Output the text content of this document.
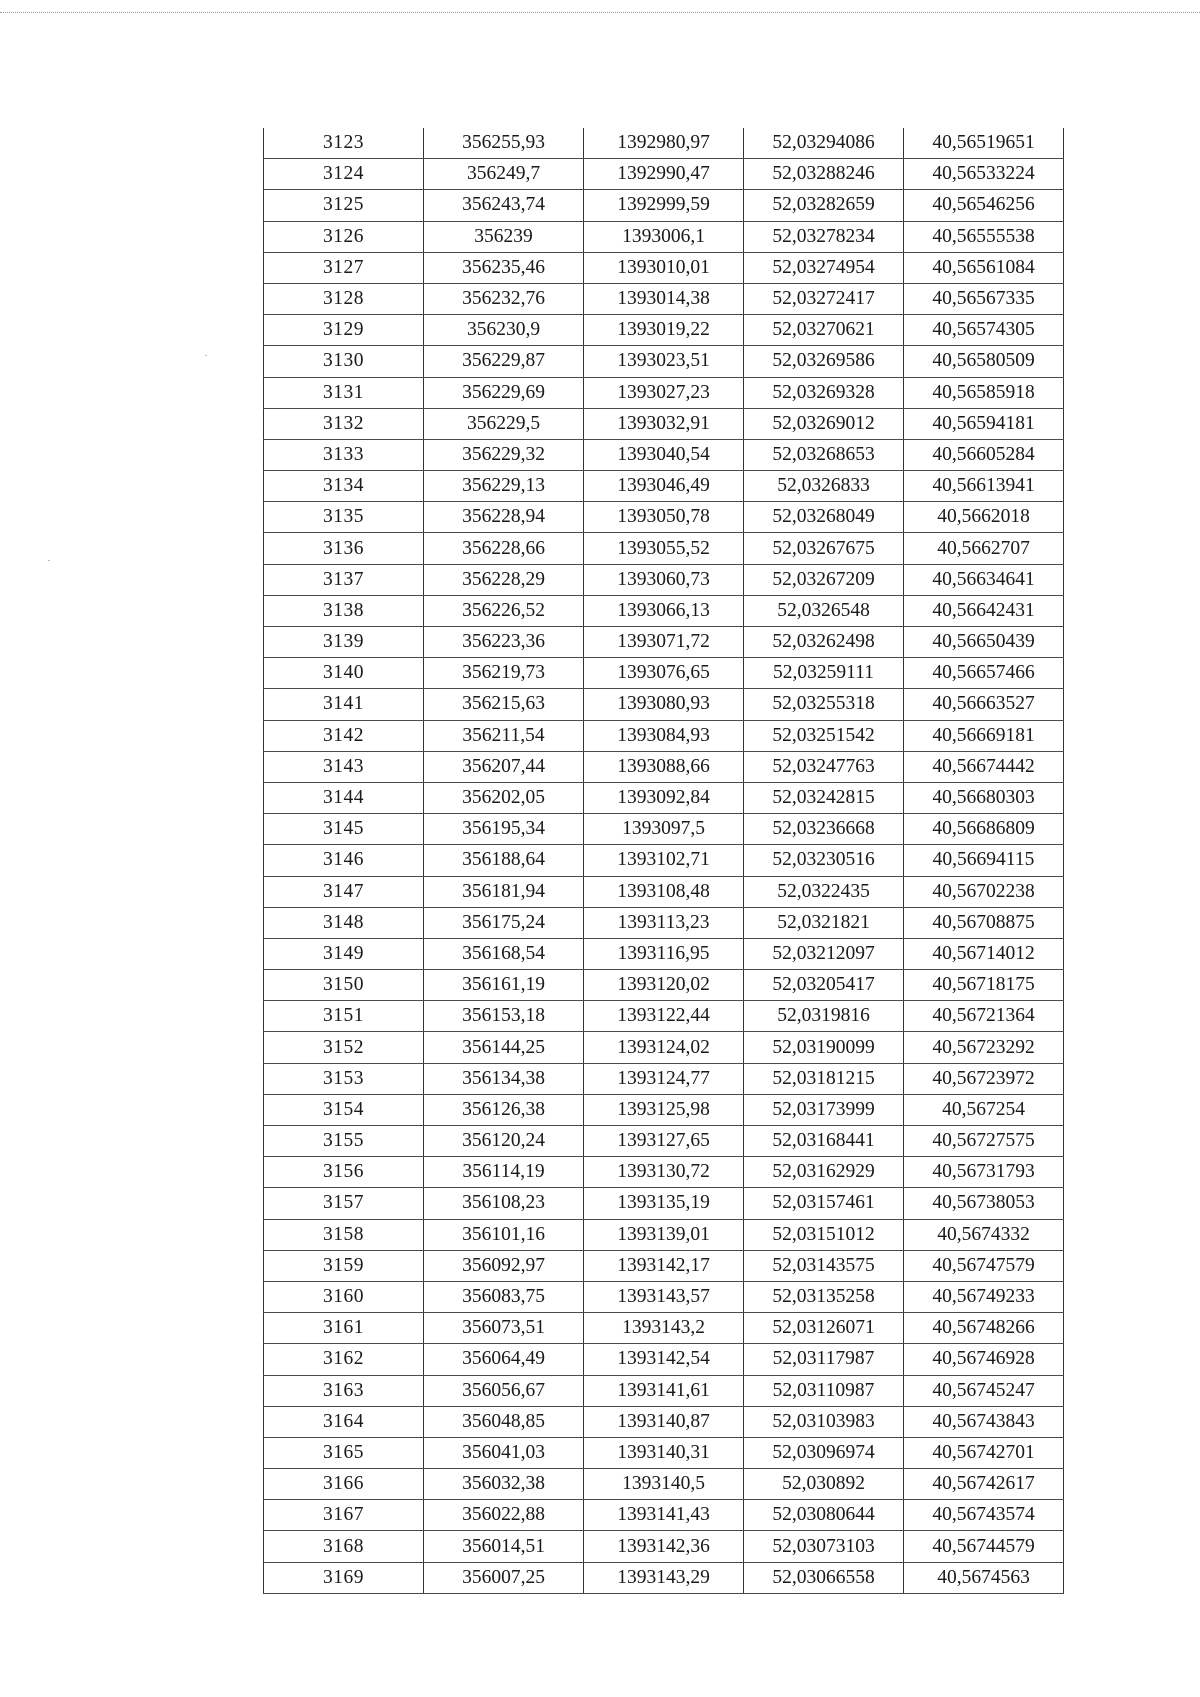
3123	356255,93	1392980,97	52,03294086	40,56519651
3124	356249,7	1392990,47	52,03288246	40,56533224
3125	356243,74	1392999,59	52,03282659	40,56546256
3126	356239	1393006,1	52,03278234	40,56555538
3127	356235,46	1393010,01	52,03274954	40,56561084
3128	356232,76	1393014,38	52,03272417	40,56567335
3129	356230,9	1393019,22	52,03270621	40,56574305
3130	356229,87	1393023,51	52,03269586	40,56580509
3131	356229,69	1393027,23	52,03269328	40,56585918
3132	356229,5	1393032,91	52,03269012	40,56594181
3133	356229,32	1393040,54	52,03268653	40,56605284
3134	356229,13	1393046,49	52,0326833	40,56613941
3135	356228,94	1393050,78	52,03268049	40,5662018
3136	356228,66	1393055,52	52,03267675	40,5662707
3137	356228,29	1393060,73	52,03267209	40,56634641
3138	356226,52	1393066,13	52,0326548	40,56642431
3139	356223,36	1393071,72	52,03262498	40,56650439
3140	356219,73	1393076,65	52,03259111	40,56657466
3141	356215,63	1393080,93	52,03255318	40,56663527
3142	356211,54	1393084,93	52,03251542	40,56669181
3143	356207,44	1393088,66	52,03247763	40,56674442
3144	356202,05	1393092,84	52,03242815	40,56680303
3145	356195,34	1393097,5	52,03236668	40,56686809
3146	356188,64	1393102,71	52,03230516	40,56694115
3147	356181,94	1393108,48	52,0322435	40,56702238
3148	356175,24	1393113,23	52,0321821	40,56708875
3149	356168,54	1393116,95	52,03212097	40,56714012
3150	356161,19	1393120,02	52,03205417	40,56718175
3151	356153,18	1393122,44	52,0319816	40,56721364
3152	356144,25	1393124,02	52,03190099	40,56723292
3153	356134,38	1393124,77	52,03181215	40,56723972
3154	356126,38	1393125,98	52,03173999	40,567254
3155	356120,24	1393127,65	52,03168441	40,56727575
3156	356114,19	1393130,72	52,03162929	40,56731793
3157	356108,23	1393135,19	52,03157461	40,56738053
3158	356101,16	1393139,01	52,03151012	40,5674332
3159	356092,97	1393142,17	52,03143575	40,56747579
3160	356083,75	1393143,57	52,03135258	40,56749233
3161	356073,51	1393143,2	52,03126071	40,56748266
3162	356064,49	1393142,54	52,03117987	40,56746928
3163	356056,67	1393141,61	52,03110987	40,56745247
3164	356048,85	1393140,87	52,03103983	40,56743843
3165	356041,03	1393140,31	52,03096974	40,56742701
3166	356032,38	1393140,5	52,030892	40,56742617
3167	356022,88	1393141,43	52,03080644	40,56743574
3168	356014,51	1393142,36	52,03073103	40,56744579
3169	356007,25	1393143,29	52,03066558	40,5674563
